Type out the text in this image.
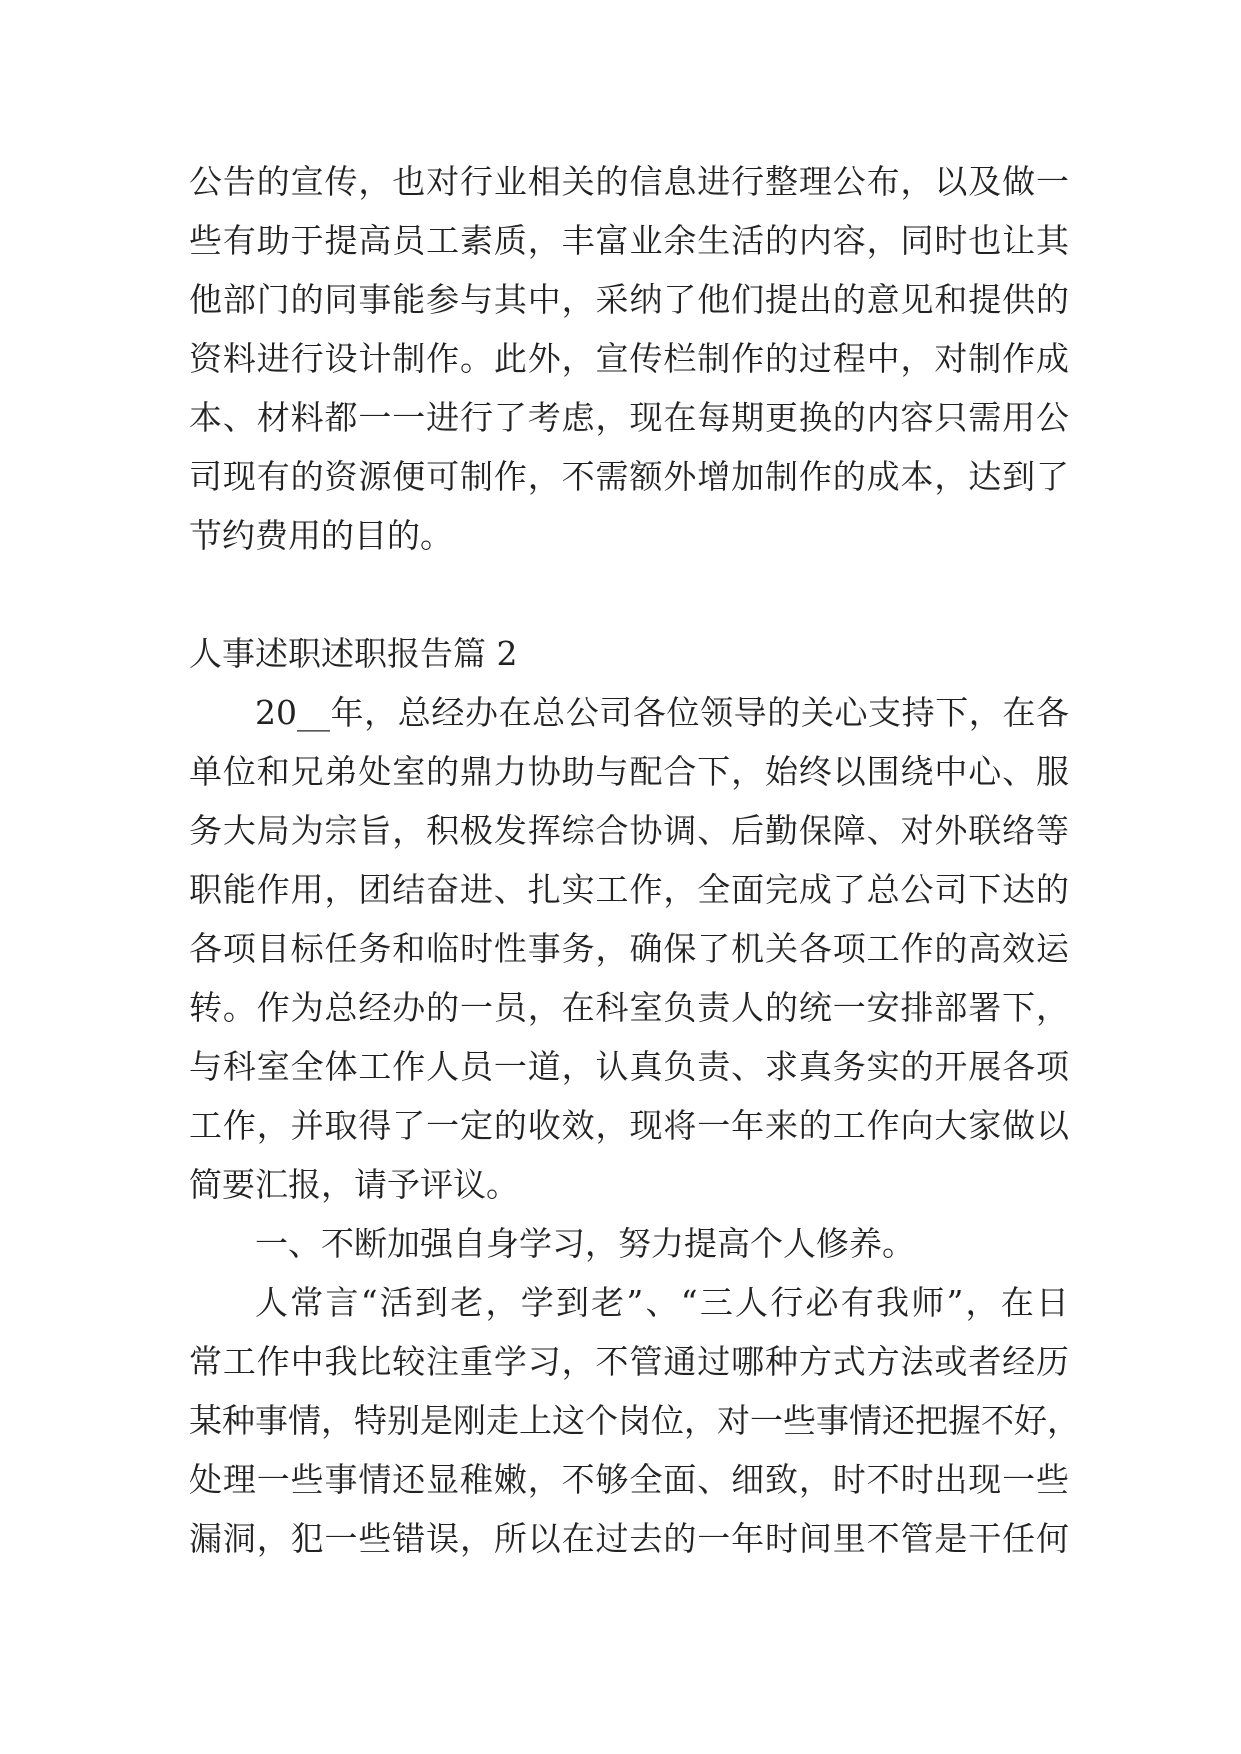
公告的宣传，也对行业相关的信息进行整理公布，以及做一
些有助于提高员工素质，丰富业余生活的内容，同时也让其
他部门的同事能参与其中，采纳了他们提出的意见和提供的
资料进行设计制作。此外，宣传栏制作的过程中，对制作成
本、材料都一一进行了考虑，现在每期更换的内容只需用公
司现有的资源便可制作，不需额外增加制作的成本，达到了
节约费用的目的。
人事述职述职报告篇 2
20__年，总经办在总公司各位领导的关心支持下，在各
单位和兄弟处室的鼎力协助与配合下，始终以围绕中心、服
务大局为宗旨，积极发挥综合协调、后勤保障、对外联络等
职能作用，团结奋进、扎实工作，全面完成了总公司下达的
各项目标任务和临时性事务，确保了机关各项工作的高效运
转。作为总经办的一员，在科室负责人的统一安排部署下，
与科室全体工作人员一道，认真负责、求真务实的开展各项
工作，并取得了一定的收效，现将一年来的工作向大家做以
简要汇报，请予评议。
一、不断加强自身学习，努力提高个人修养。
人常言“活到老，学到老”、“三人行必有我师”，在日
常工作中我比较注重学习，不管通过哪种方式方法或者经历
某种事情，特别是刚走上这个岗位，对一些事情还把握不好，
处理一些事情还显稚嫩，不够全面、细致，时不时出现一些
漏洞，犯一些错误，所以在过去的一年时间里不管是干任何
